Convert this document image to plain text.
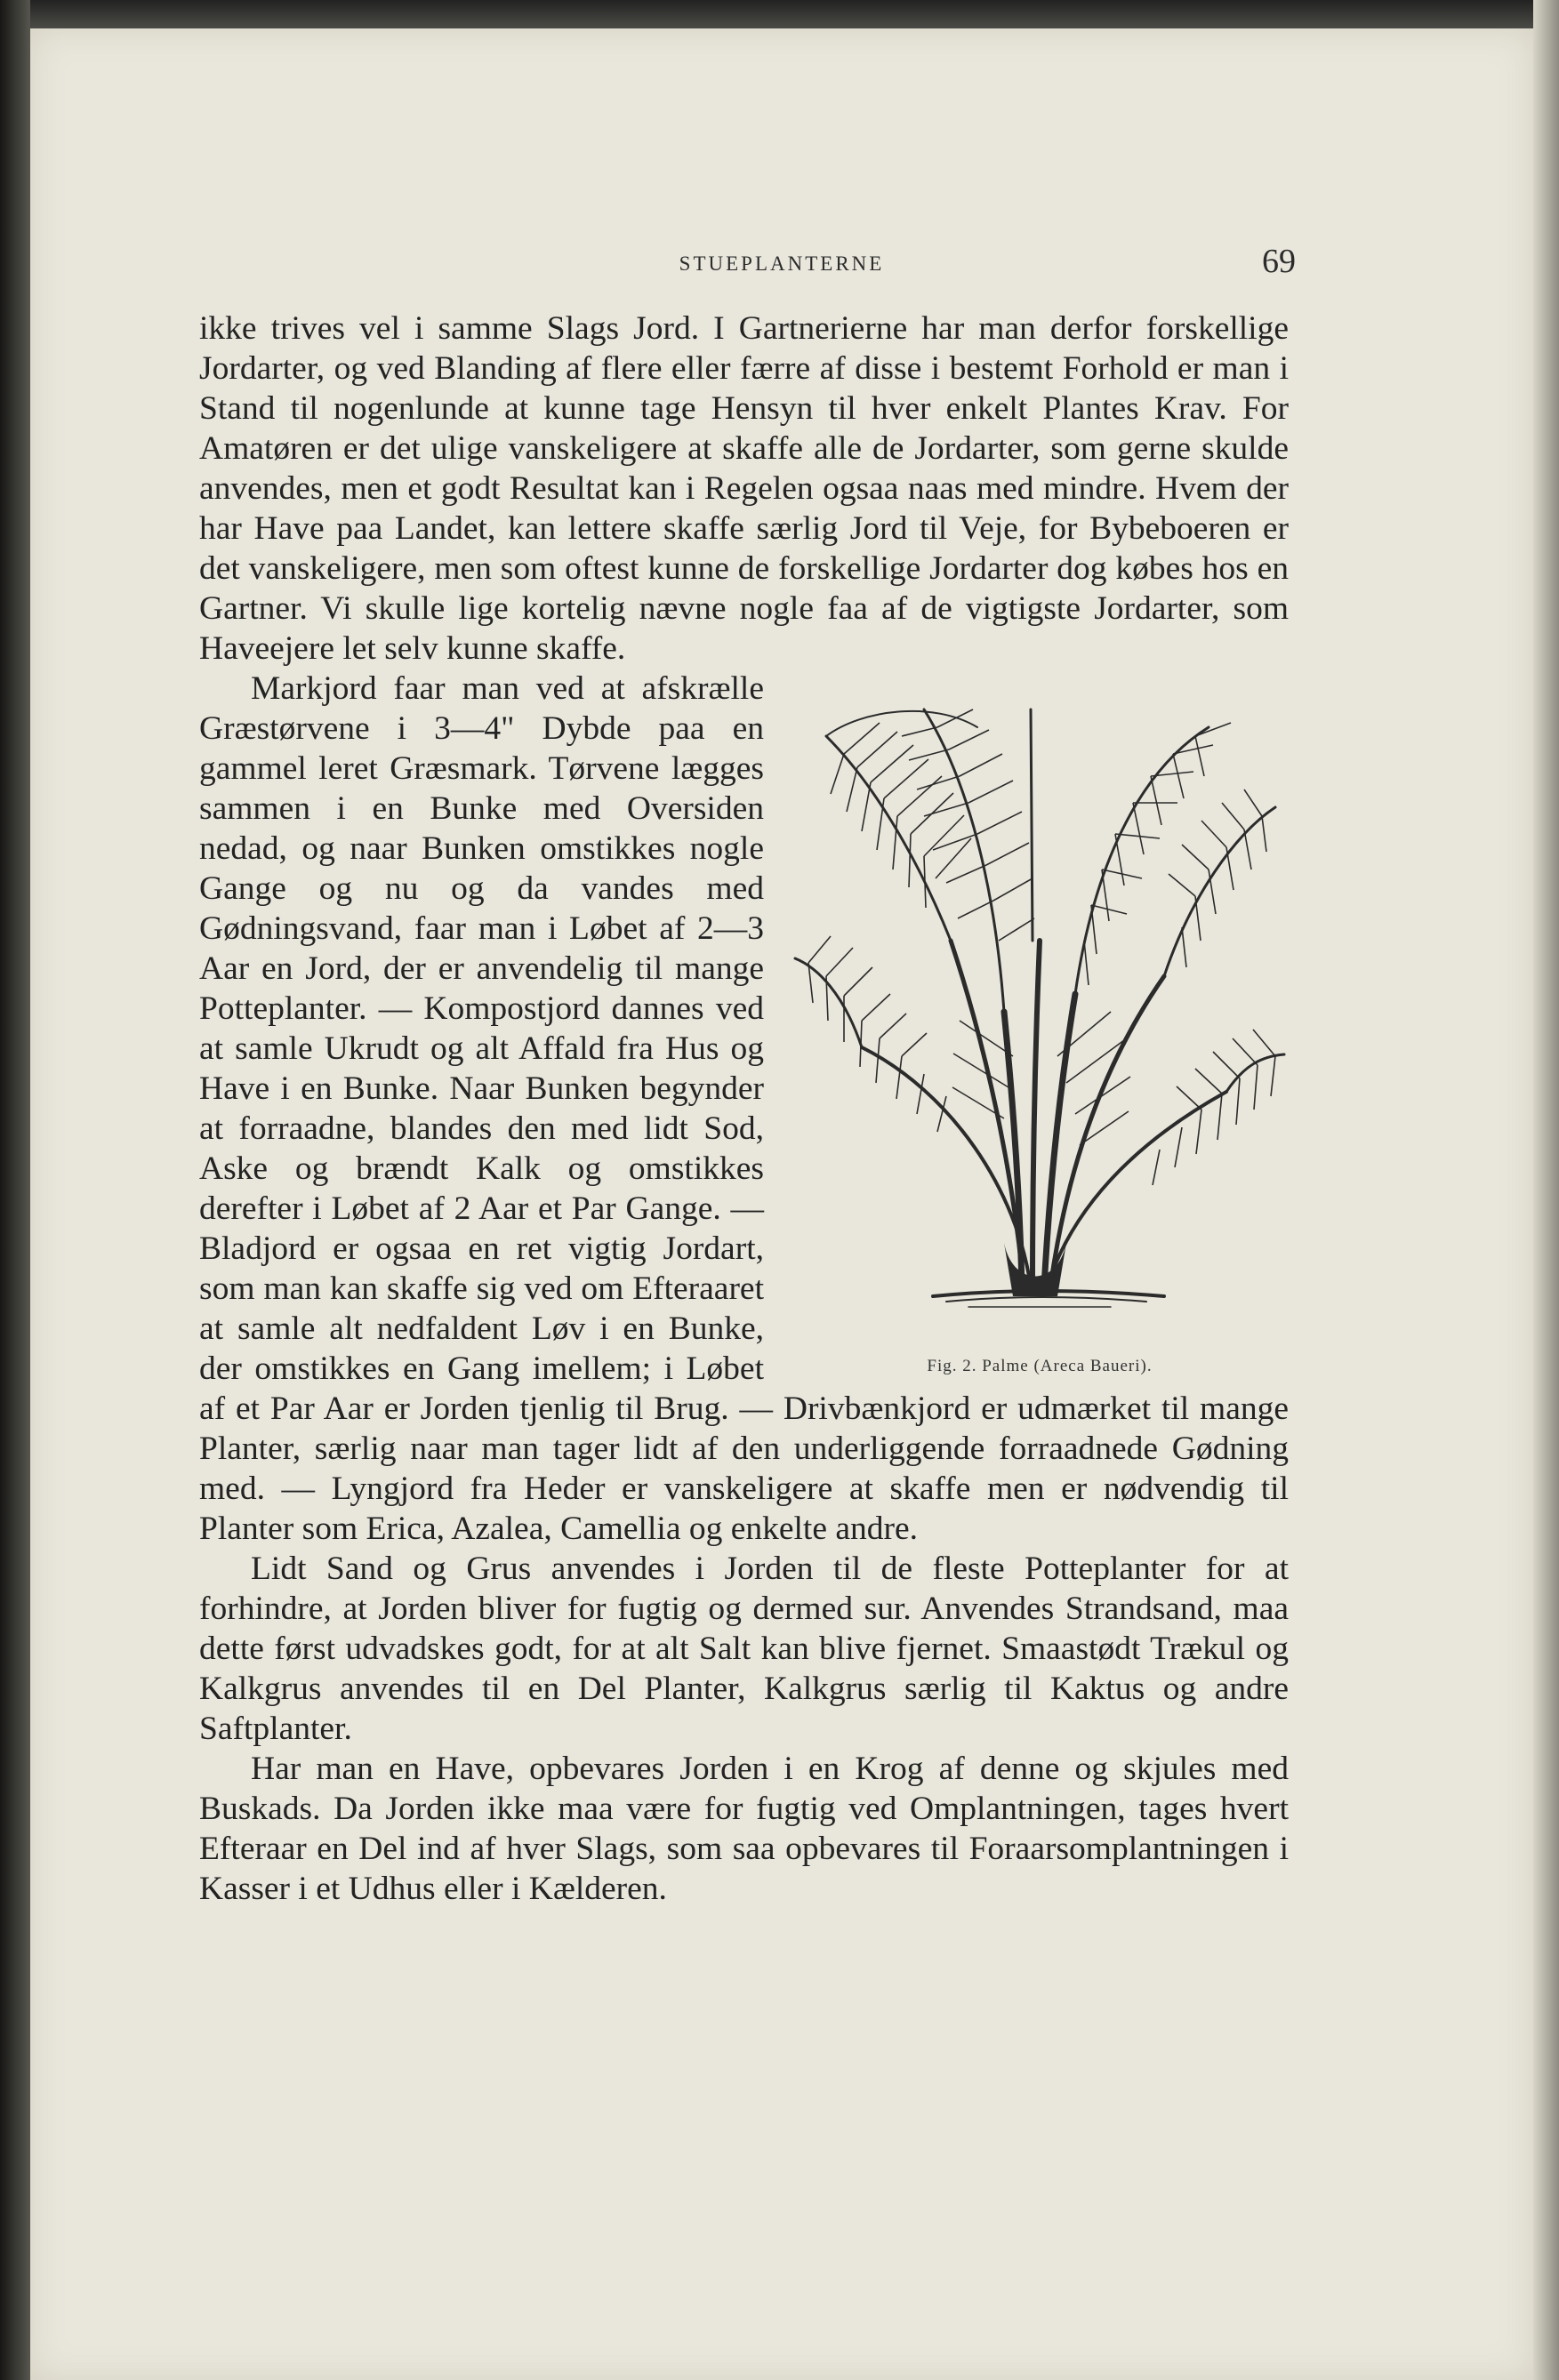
STUEPLANTERNE	69

ikke trives vel i samme Slags Jord. I Gartnerierne har man derfor forskellige Jordarter, og ved Blanding af flere eller færre af disse i bestemt Forhold er man i Stand til nogenlunde at kunne tage Hensyn til hver enkelt Plantes Krav. For Amatøren er det ulige vanskeligere at skaffe alle de Jordarter, som gerne skulde anvendes, men et godt Resultat kan i Regelen ogsaa naas med mindre. Hvem der har Have paa Landet, kan lettere skaffe særlig Jord til Veje, for Bybeboeren er det vanskeligere, men som oftest kunne de forskellige Jordarter dog købes hos en Gartner. Vi skulle lige kortelig nævne nogle faa af de vigtigste Jordarter, som Haveejere let selv kunne skaffe.

Fig. 2. Palme (Areca Baueri).

Markjord faar man ved at afskrælle Græstørvene i 3—4" Dybde paa en gammel leret Græsmark. Tørvene lægges sammen i en Bunke med Oversiden nedad, og naar Bunken omstikkes nogle Gange og nu og da vandes med Gødningsvand, faar man i Løbet af 2—3 Aar en Jord, der er anvendelig til mange Potteplanter. — Kompostjord dannes ved at samle Ukrudt og alt Affald fra Hus og Have i en Bunke. Naar Bunken begynder at forraadne, blandes den med lidt Sod, Aske og brændt Kalk og omstikkes derefter i Løbet af 2 Aar et Par Gange. — Bladjord er ogsaa en ret vigtig Jordart, som man kan skaffe sig ved om Efteraaret at samle alt nedfaldent Løv i en Bunke, der omstikkes en Gang imellem; i Løbet af et Par Aar er Jorden tjenlig til Brug. — Drivbænkjord er udmærket til mange Planter, særlig naar man tager lidt af den underliggende forraadnede Gødning med. — Lyngjord fra Heder er vanskeligere at skaffe men er nødvendig til Planter som Erica, Azalea, Camellia og enkelte andre.

Lidt Sand og Grus anvendes i Jorden til de fleste Potteplanter for at forhindre, at Jorden bliver for fugtig og dermed sur. Anvendes Strandsand, maa dette først udvadskes godt, for at alt Salt kan blive fjernet. Smaastødt Trækul og Kalkgrus anvendes til en Del Planter, Kalkgrus særlig til Kaktus og andre Saftplanter.

Har man en Have, opbevares Jorden i en Krog af denne og skjules med Buskads. Da Jorden ikke maa være for fugtig ved Omplantningen, tages hvert Efteraar en Del ind af hver Slags, som saa opbevares til Foraarsomplantningen i Kasser i et Udhus eller i Kælderen.
